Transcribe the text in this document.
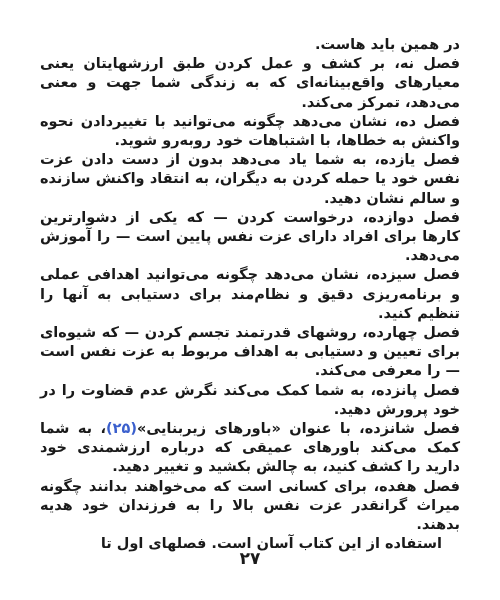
در همین باید هاست.

فصل نه، بر کشف و عمل کردن طبق ارزشهایتان یعنی معیارهای واقع‌بینانه‌ای که به زندگی شما جهت و معنی می‌دهد، تمرکز می‌کند.

فصل ده، نشان می‌دهد چگونه می‌توانید با تغییردادن نحوه واکنش به خطاها، با اشتباهات خود روبه‌رو شوید.

فصل یازده، به شما یاد می‌دهد بدون از دست دادن عزت نفس خود یا حمله کردن به دیگران، به انتقاد واکنش سازنده و سالم نشان دهید.

فصل دوازده، درخواست کردن — که یکی از دشوارترین کارها برای افراد دارای عزت نفس پایین است — را آموزش می‌دهد.

فصل سیزده، نشان می‌دهد چگونه می‌توانید اهدافی عملی و برنامه‌ریزی دقیق و نظام‌مند برای دستیابی به آنها را تنظیم کنید.

فصل چهارده، روشهای قدرتمند تجسم کردن — که شیوه‌ای برای تعیین و دستیابی به اهداف مربوط به عزت نفس است — را معرفی می‌کند.

فصل پانزده، به شما کمک می‌کند نگرش عدم قضاوت را در خود پرورش دهید.

فصل شانزده، با عنوان «باورهای زیربنایی»(۲۵)، به شما کمک می‌کند باورهای عمیقی که درباره ارزشمندی خود دارید را کشف کنید، به چالش بکشید و تغییر دهید.

فصل هفده، برای کسانی است که می‌خواهند بدانند چگونه میراث گرانقدر عزت نفس بالا را به فرزندان خود هدیه بدهند.

استفاده از این کتاب آسان است. فصلهای اول تا

۲۷
